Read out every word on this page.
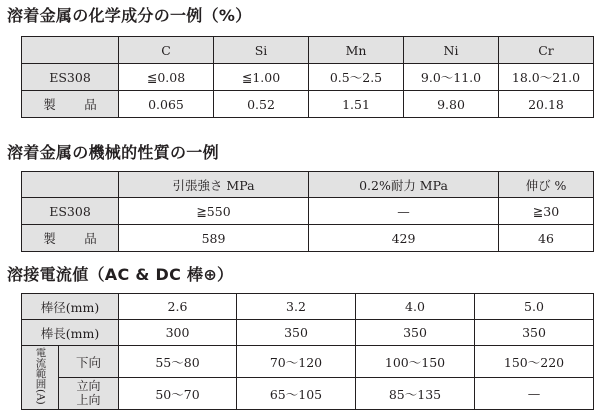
溶着金属の化学成分の一例（%）
	C	Si	Mn	Ni	Cr
ES308	≦0.08	≦1.00	0.5～2.5	9.0～11.0	18.0～21.0
製　品	0.065	0.52	1.51	9.80	20.18
溶着金属の機械的性質の一例
	引張強さ MPa	0.2%耐力 MPa	伸び %
ES308	≧550	—	≧30
製　品	589	429	46
溶接電流値（AC & DC 棒⊕）
棒径(mm)		2.6	3.2	4.0	5.0
棒長(mm)		300	350	350	350
電流範囲(A)	下向	55～80	70～120	100～150	150～220
	立向上向	50～70	65～105	85～135	—
